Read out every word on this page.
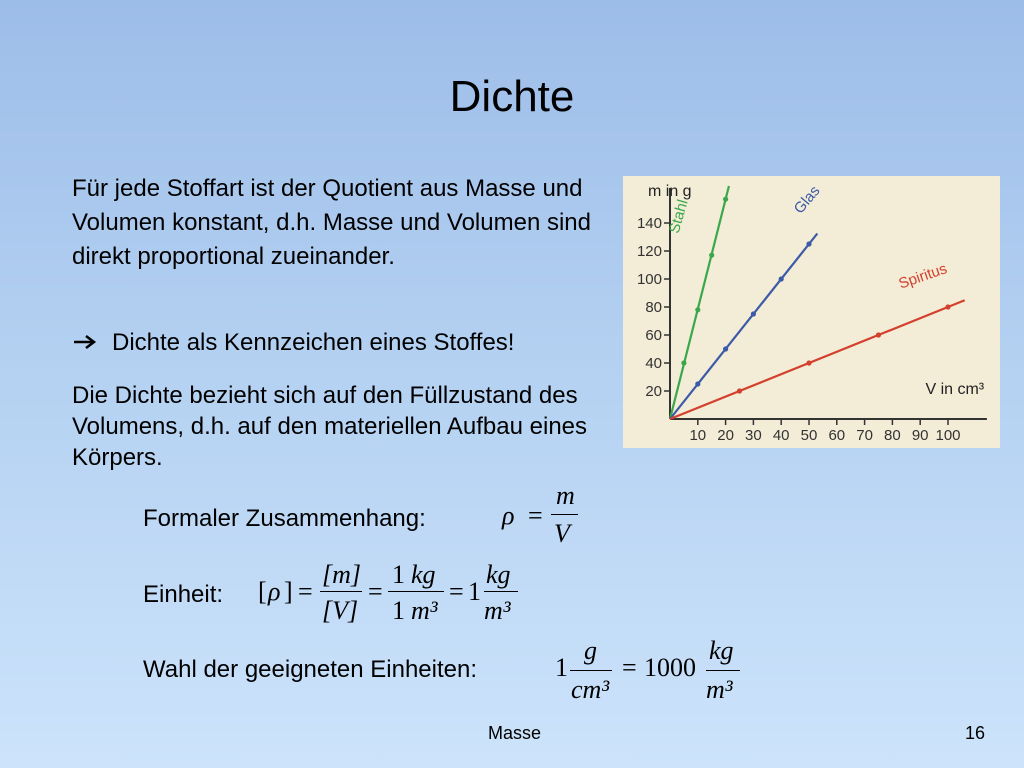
Dichte
Für jede Stoffart ist der Quotient aus Masse und Volumen konstant, d.h. Masse und Volumen sind direkt proportional zueinander.
Dichte als Kennzeichen eines Stoffes!
Die Dichte bezieht sich auf den Füllzustand des Volumens, d.h. auf den materiellen Aufbau eines Körpers.
10 20 30 40 50 60 70 80 90 100
20
40
60
80
100
120
140
V in cm³
m in g
Stahl	Glas
Spiritus
Formaler Zusammenhang:	ρ =
m
V
Einheit: [ ρ ] =
[m]
[V]
=
1 kg
1 m³
= 1
kg
m³
Wahl der geeigneten Einheiten:	1
g
cm³
= 1000
kg
m³
Masse	16
